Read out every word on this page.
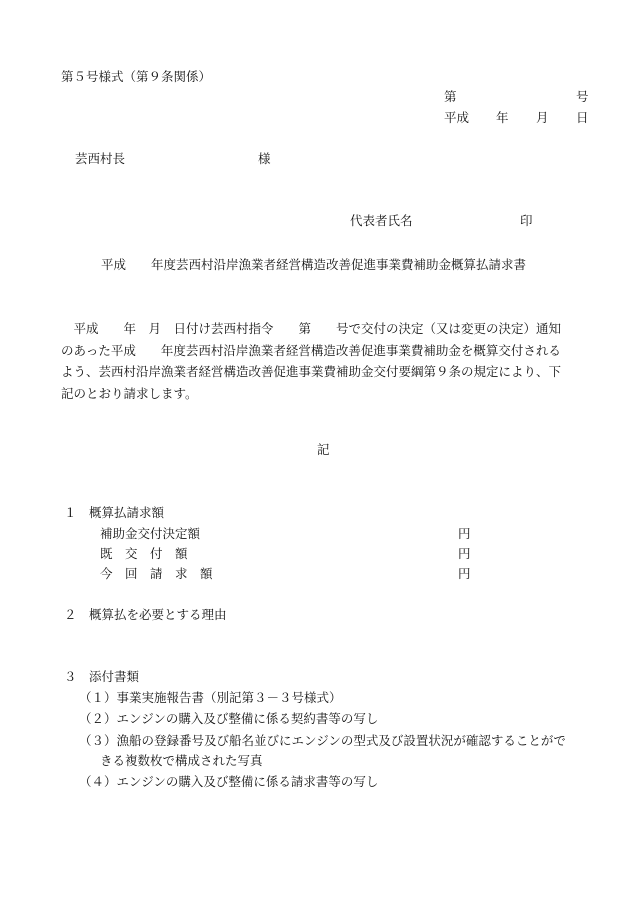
第５号様式（第９条関係）
第	号
平成 年 月 日
芸西村長	様
代表者氏名	印
平成　　年度芸西村沿岸漁業者経営構造改善促進事業費補助金概算払請求書
　平成　　年　月　日付け芸西村指令　　第　　号で交付の決定（又は変更の決定）通知
のあった平成　　年度芸西村沿岸漁業者経営構造改善促進事業費補助金を概算交付される
よう、芸西村沿岸漁業者経営構造改善促進事業費補助金交付要綱第９条の規定により、下
記のとおり請求します。
記
１　概算払請求額
補助金交付決定額	円
既　交　付　額	円
今　回　請　求　額	円
２　概算払を必要とする理由
３　添付書類
（１）事業実施報告書（別記第３－３号様式）
（２）エンジンの購入及び整備に係る契約書等の写し
（３）漁船の登録番号及び船名並びにエンジンの型式及び設置状況が確認することがで
きる複数枚で構成された写真
（４）エンジンの購入及び整備に係る請求書等の写し
